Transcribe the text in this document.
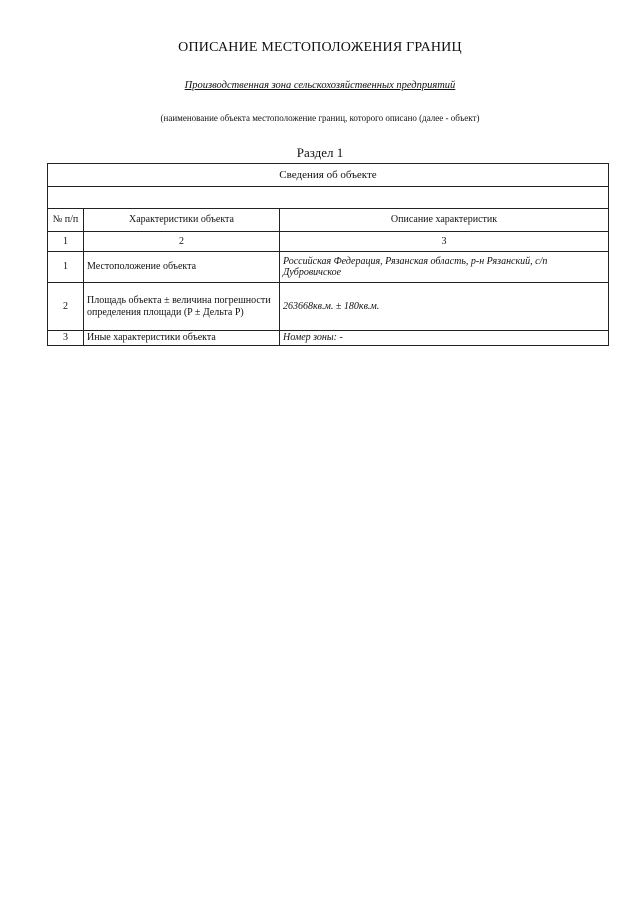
ОПИСАНИЕ МЕСТОПОЛОЖЕНИЯ ГРАНИЦ
Производственная зона сельскохозяйственных предприятий
(наименование объекта местоположение границ, которого описано (далее - объект)
Раздел 1
Сведения об объекте		

№ п/п	Характеристики объекта	Описание характеристик
1	2	3
1	Местоположение объекта	Российская Федерация, Рязанская область, р-н Рязанский, с/п Дубровичское
2	Площадь объекта ± величина погрешности определения площади (P ± Дельта P)	263668кв.м. ± 180кв.м.
3	Иные характеристики объекта	Номер зоны: -
